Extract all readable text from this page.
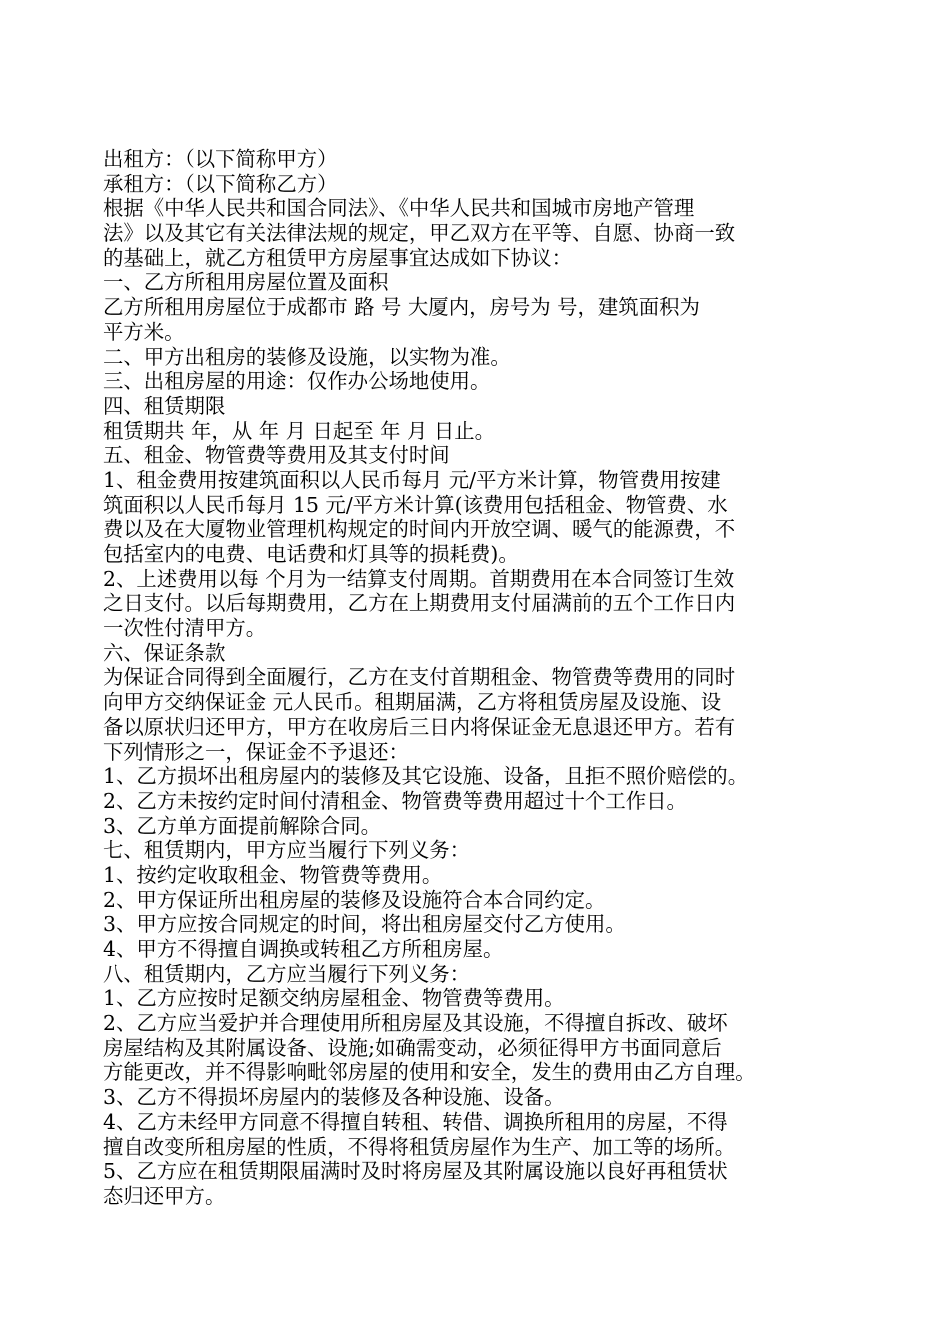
出租方：（以下简称甲方）
承租方：（以下简称乙方）
根据《中华人民共和国合同法》、《中华人民共和国城市房地产管理
法》以及其它有关法律法规的规定，甲乙双方在平等、自愿、协商一致
的基础上，就乙方租赁甲方房屋事宜达成如下协议：
一、乙方所租用房屋位置及面积
乙方所租用房屋位于成都市 路 号 大厦内，房号为 号，建筑面积为
平方米。
二、甲方出租房的装修及设施，以实物为准。
三、出租房屋的用途：仅作办公场地使用。
四、租赁期限
租赁期共 年，从 年 月 日起至 年 月 日止。
五、租金、物管费等费用及其支付时间
1、租金费用按建筑面积以人民币每月 元/平方米计算，物管费用按建
筑面积以人民币每月 15 元/平方米计算(该费用包括租金、物管费、水
费以及在大厦物业管理机构规定的时间内开放空调、暖气的能源费，不
包括室内的电费、电话费和灯具等的损耗费)。
2、上述费用以每 个月为一结算支付周期。首期费用在本合同签订生效
之日支付。以后每期费用，乙方在上期费用支付届满前的五个工作日内
一次性付清甲方。
六、保证条款
为保证合同得到全面履行，乙方在支付首期租金、物管费等费用的同时
向甲方交纳保证金 元人民币。租期届满，乙方将租赁房屋及设施、设
备以原状归还甲方，甲方在收房后三日内将保证金无息退还甲方。若有
下列情形之一，保证金不予退还：
1、乙方损坏出租房屋内的装修及其它设施、设备，且拒不照价赔偿的。
2、乙方未按约定时间付清租金、物管费等费用超过十个工作日。
3、乙方单方面提前解除合同。
七、租赁期内，甲方应当履行下列义务：
1、按约定收取租金、物管费等费用。
2、甲方保证所出租房屋的装修及设施符合本合同约定。
3、甲方应按合同规定的时间，将出租房屋交付乙方使用。
4、甲方不得擅自调换或转租乙方所租房屋。
八、租赁期内，乙方应当履行下列义务：
1、乙方应按时足额交纳房屋租金、物管费等费用。
2、乙方应当爱护并合理使用所租房屋及其设施，不得擅自拆改、破坏
房屋结构及其附属设备、设施;如确需变动，必须征得甲方书面同意后
方能更改，并不得影响毗邻房屋的使用和安全，发生的费用由乙方自理。
3、乙方不得损坏房屋内的装修及各种设施、设备。
4、乙方未经甲方同意不得擅自转租、转借、调换所租用的房屋，不得
擅自改变所租房屋的性质，不得将租赁房屋作为生产、加工等的场所。
5、乙方应在租赁期限届满时及时将房屋及其附属设施以良好再租赁状
态归还甲方。
